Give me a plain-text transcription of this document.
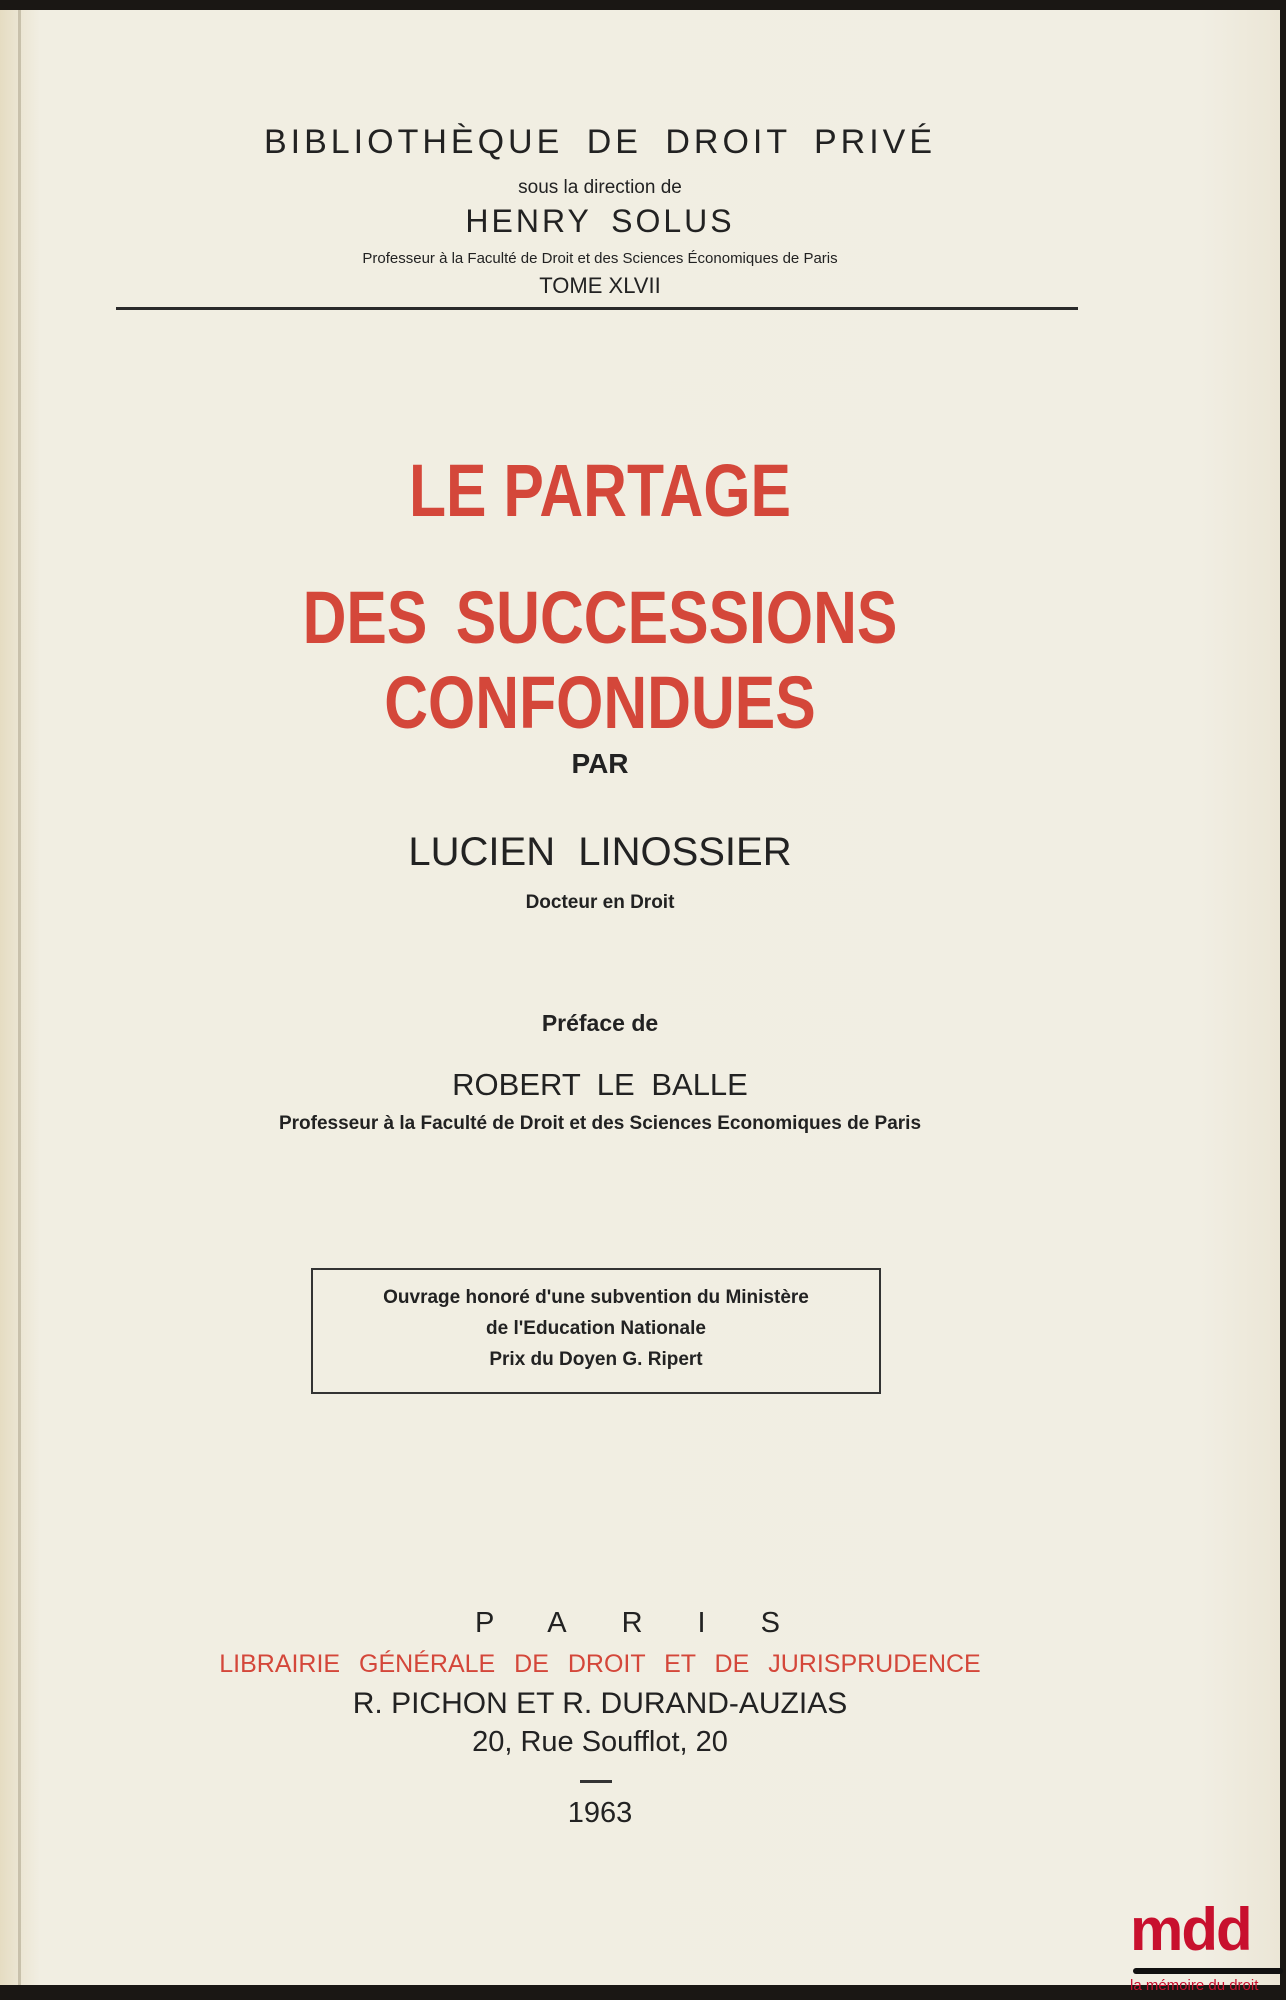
BIBLIOTHÈQUE DE DROIT PRIVÉ
sous la direction de
HENRY SOLUS
Professeur à la Faculté de Droit et des Sciences Économiques de Paris
TOME XLVII
LE PARTAGE
DES SUCCESSIONS CONFONDUES
PAR
LUCIEN LINOSSIER
Docteur en Droit
Préface de
ROBERT LE BALLE
Professeur à la Faculté de Droit et des Sciences Economiques de Paris
Ouvrage honoré d'une subvention du Ministère
de l'Education Nationale
Prix du Doyen G. Ripert
PARIS
LIBRAIRIE GÉNÉRALE DE DROIT ET DE JURISPRUDENCE
R. PICHON ET R. DURAND-AUZIAS
20, Rue Soufflot, 20
1963
mdd
la mémoire du droit
